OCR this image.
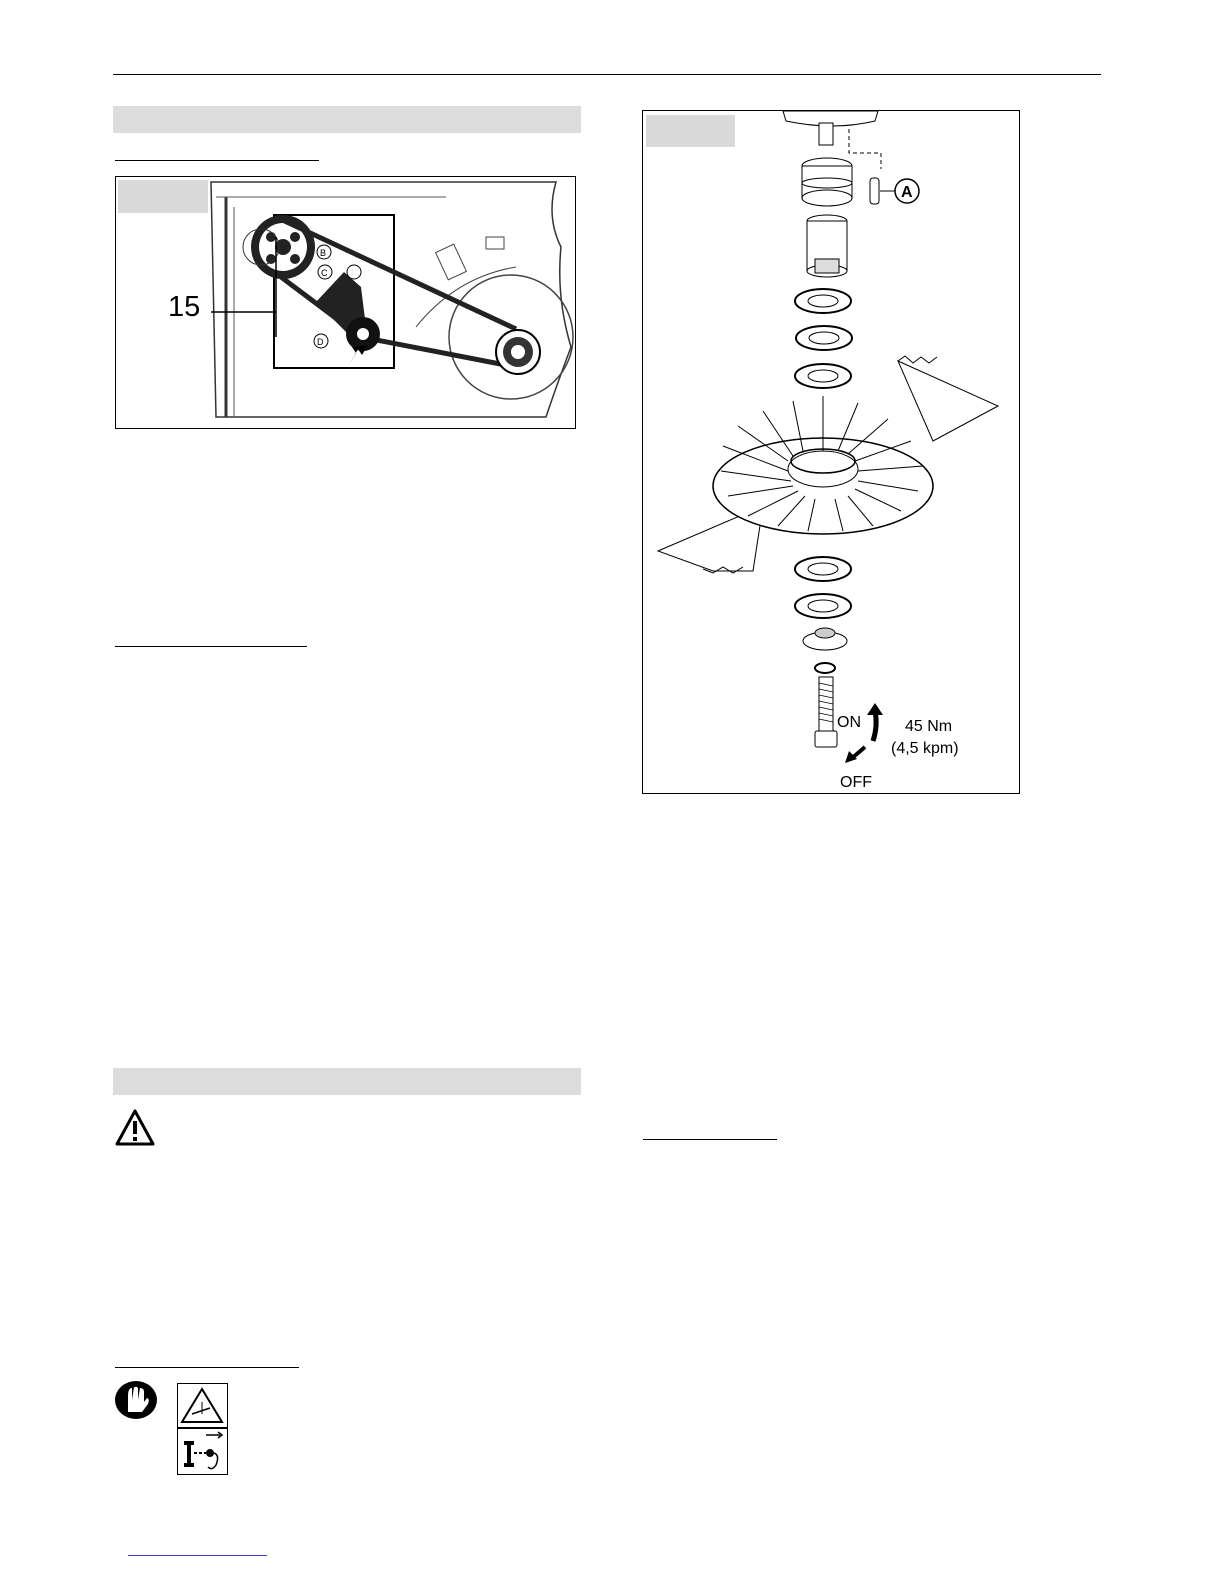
B
C
D
A
15
A
ON
OFF
45 Nm
(4,5 kpm)
